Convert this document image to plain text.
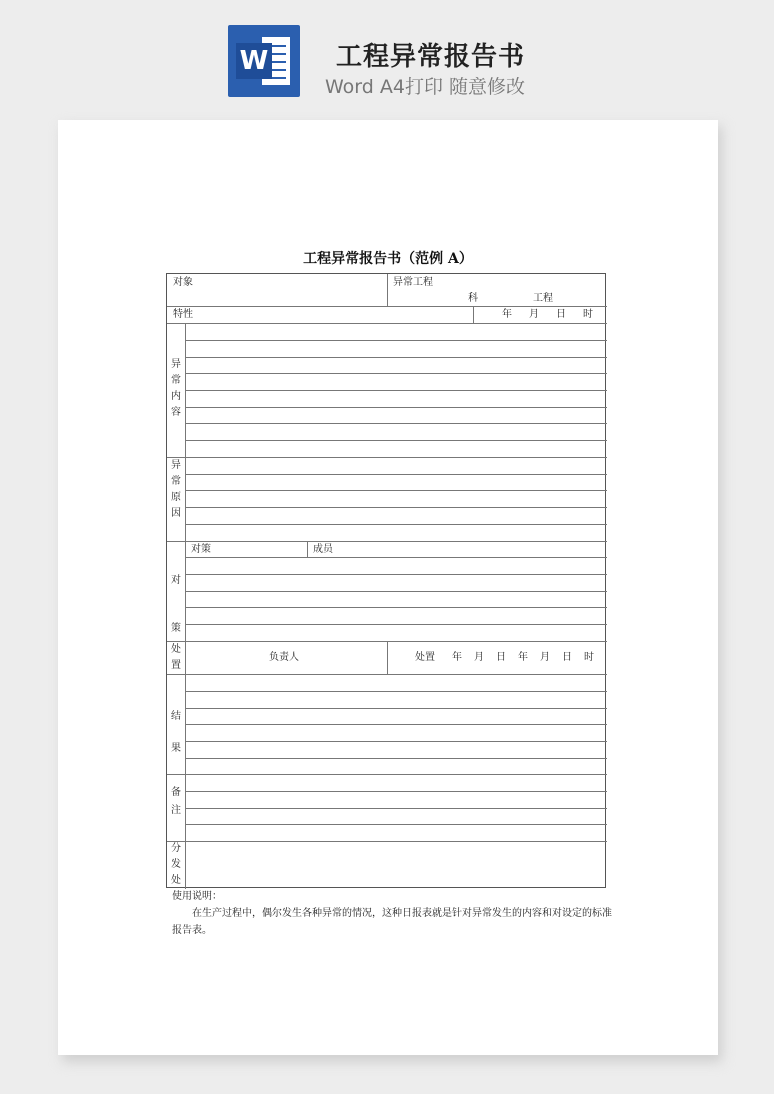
W	工程异常报告书
Word A4打印 随意修改
工程异常报告书（范例 A）
对象	异常工程
科	工程
特性	年 月 日 时
异常内容
异常原因
对策	成员
对策
处置
负责人	处置 年 月 日 年 月 日 时
结果
备注
分发处

使用说明：

在生产过程中，偶尔发生各种异常的情况，这种日报表就是针对异常发生的内容和对设定的标准报告表。
